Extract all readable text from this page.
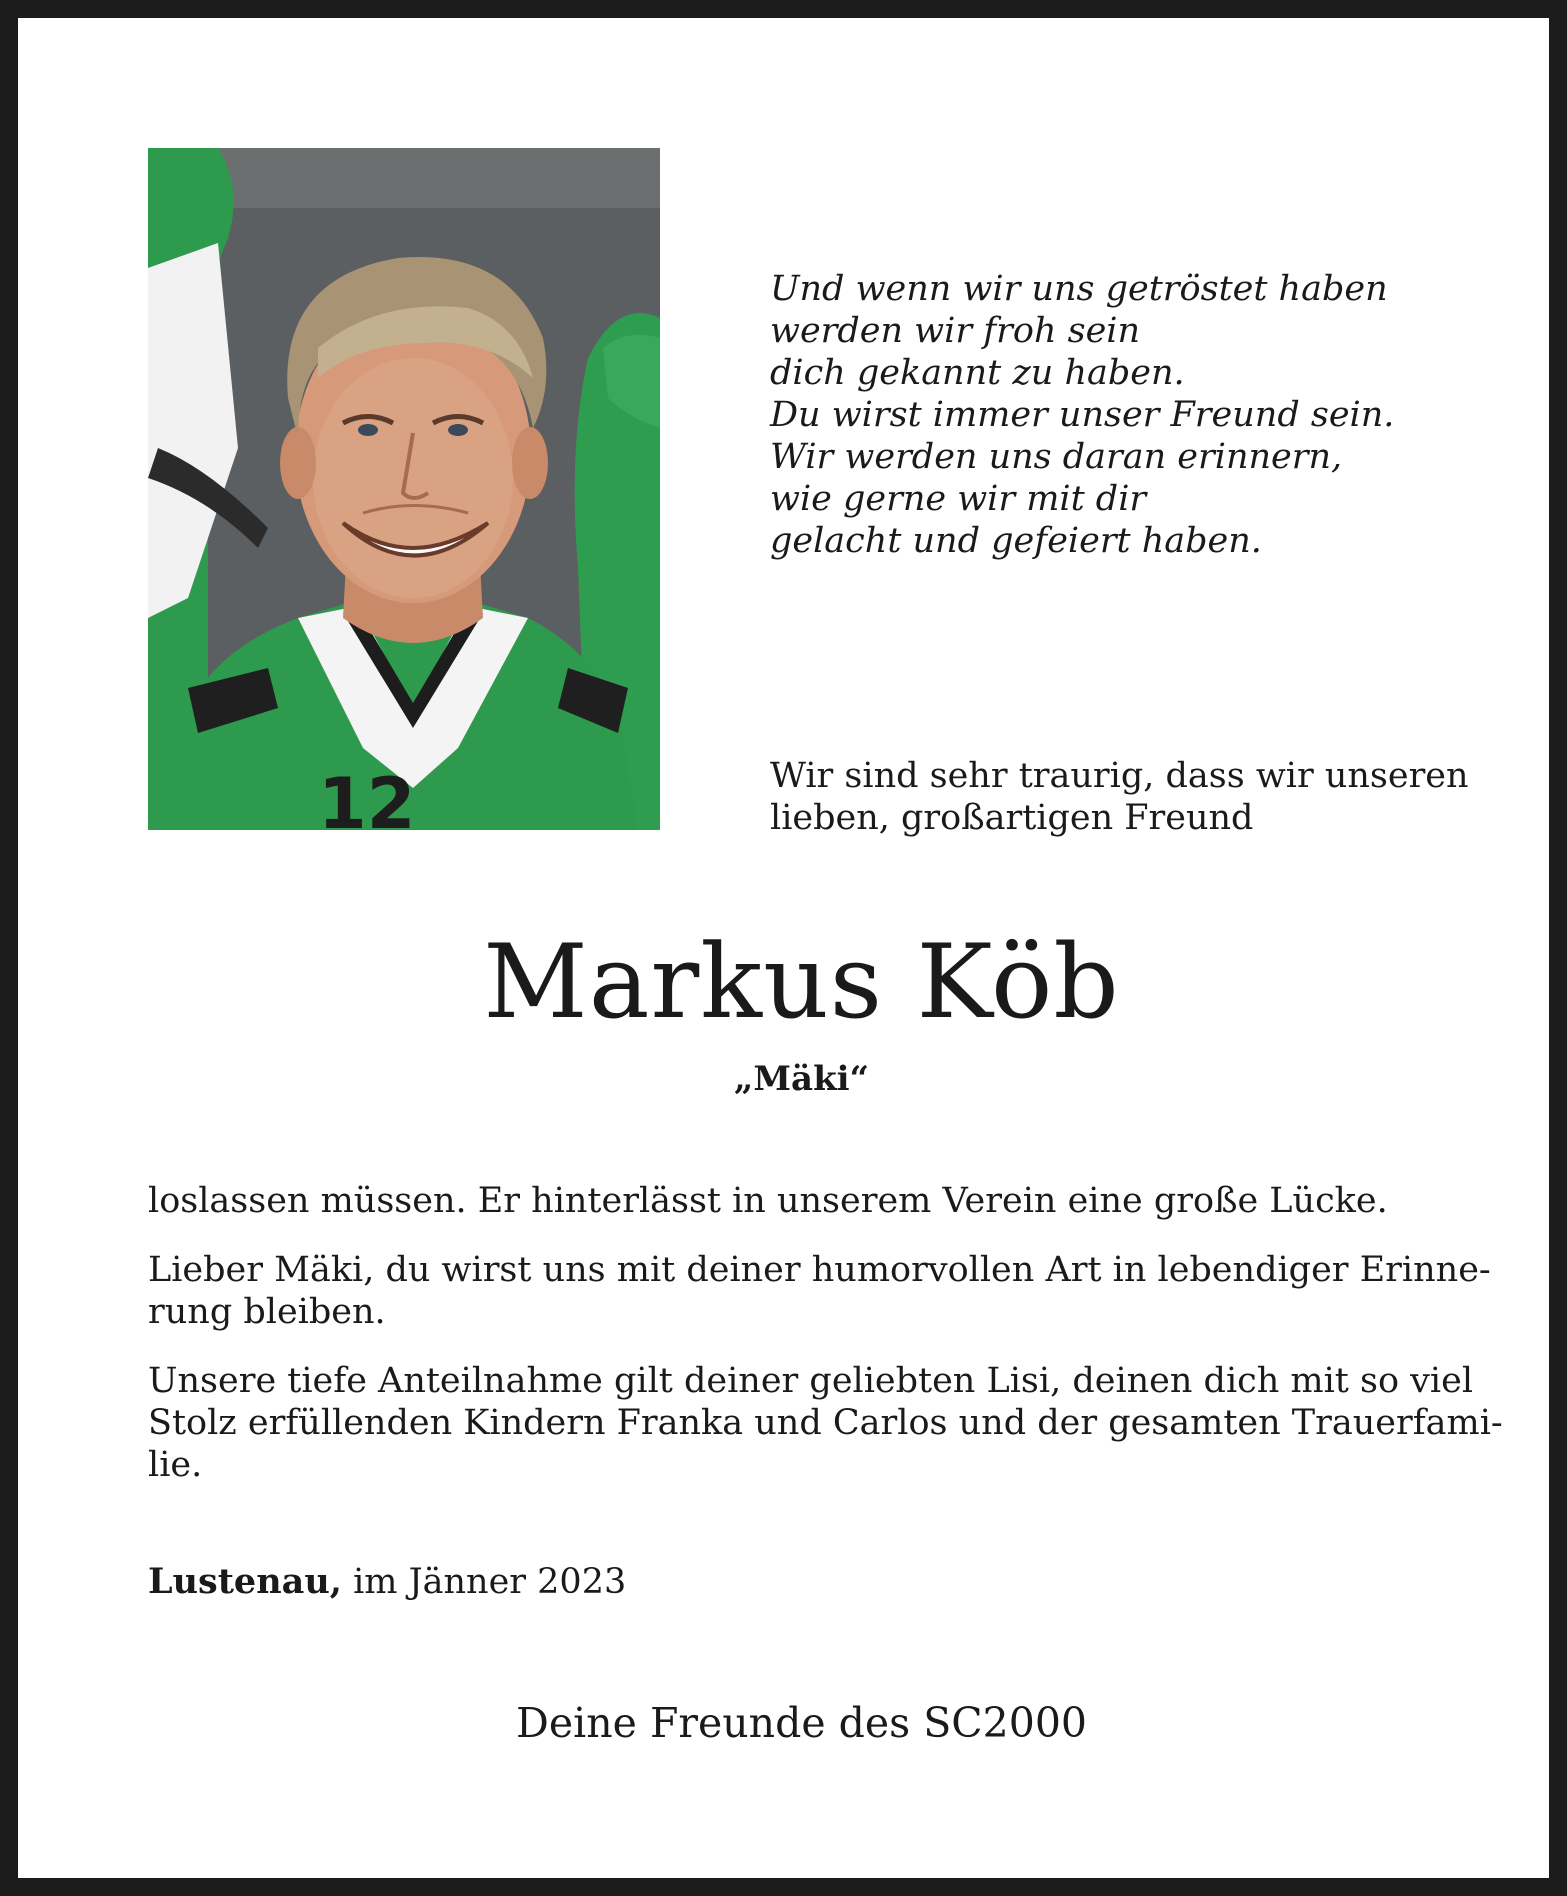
12
Und wenn wir uns getröstet haben
werden wir froh sein
dich gekannt zu haben.
Du wirst immer unser Freund sein.
Wir werden uns daran erinnern,
wie gerne wir mit dir
gelacht und gefeiert haben.
Wir sind sehr traurig, dass wir unseren
lieben, großartigen Freund
Markus Köb
„Mäki“

loslassen müssen. Er hinterlässt in unserem Verein eine große Lücke.

Lieber Mäki, du wirst uns mit deiner humorvollen Art in lebendiger Erinne-
rung bleiben.

Unsere tiefe Anteilnahme gilt deiner geliebten Lisi, deinen dich mit so viel
Stolz erfüllenden Kindern Franka und Carlos und der gesamten Trauerfami-
lie.

Lustenau, im Jänner 2023
Deine Freunde des SC2000
